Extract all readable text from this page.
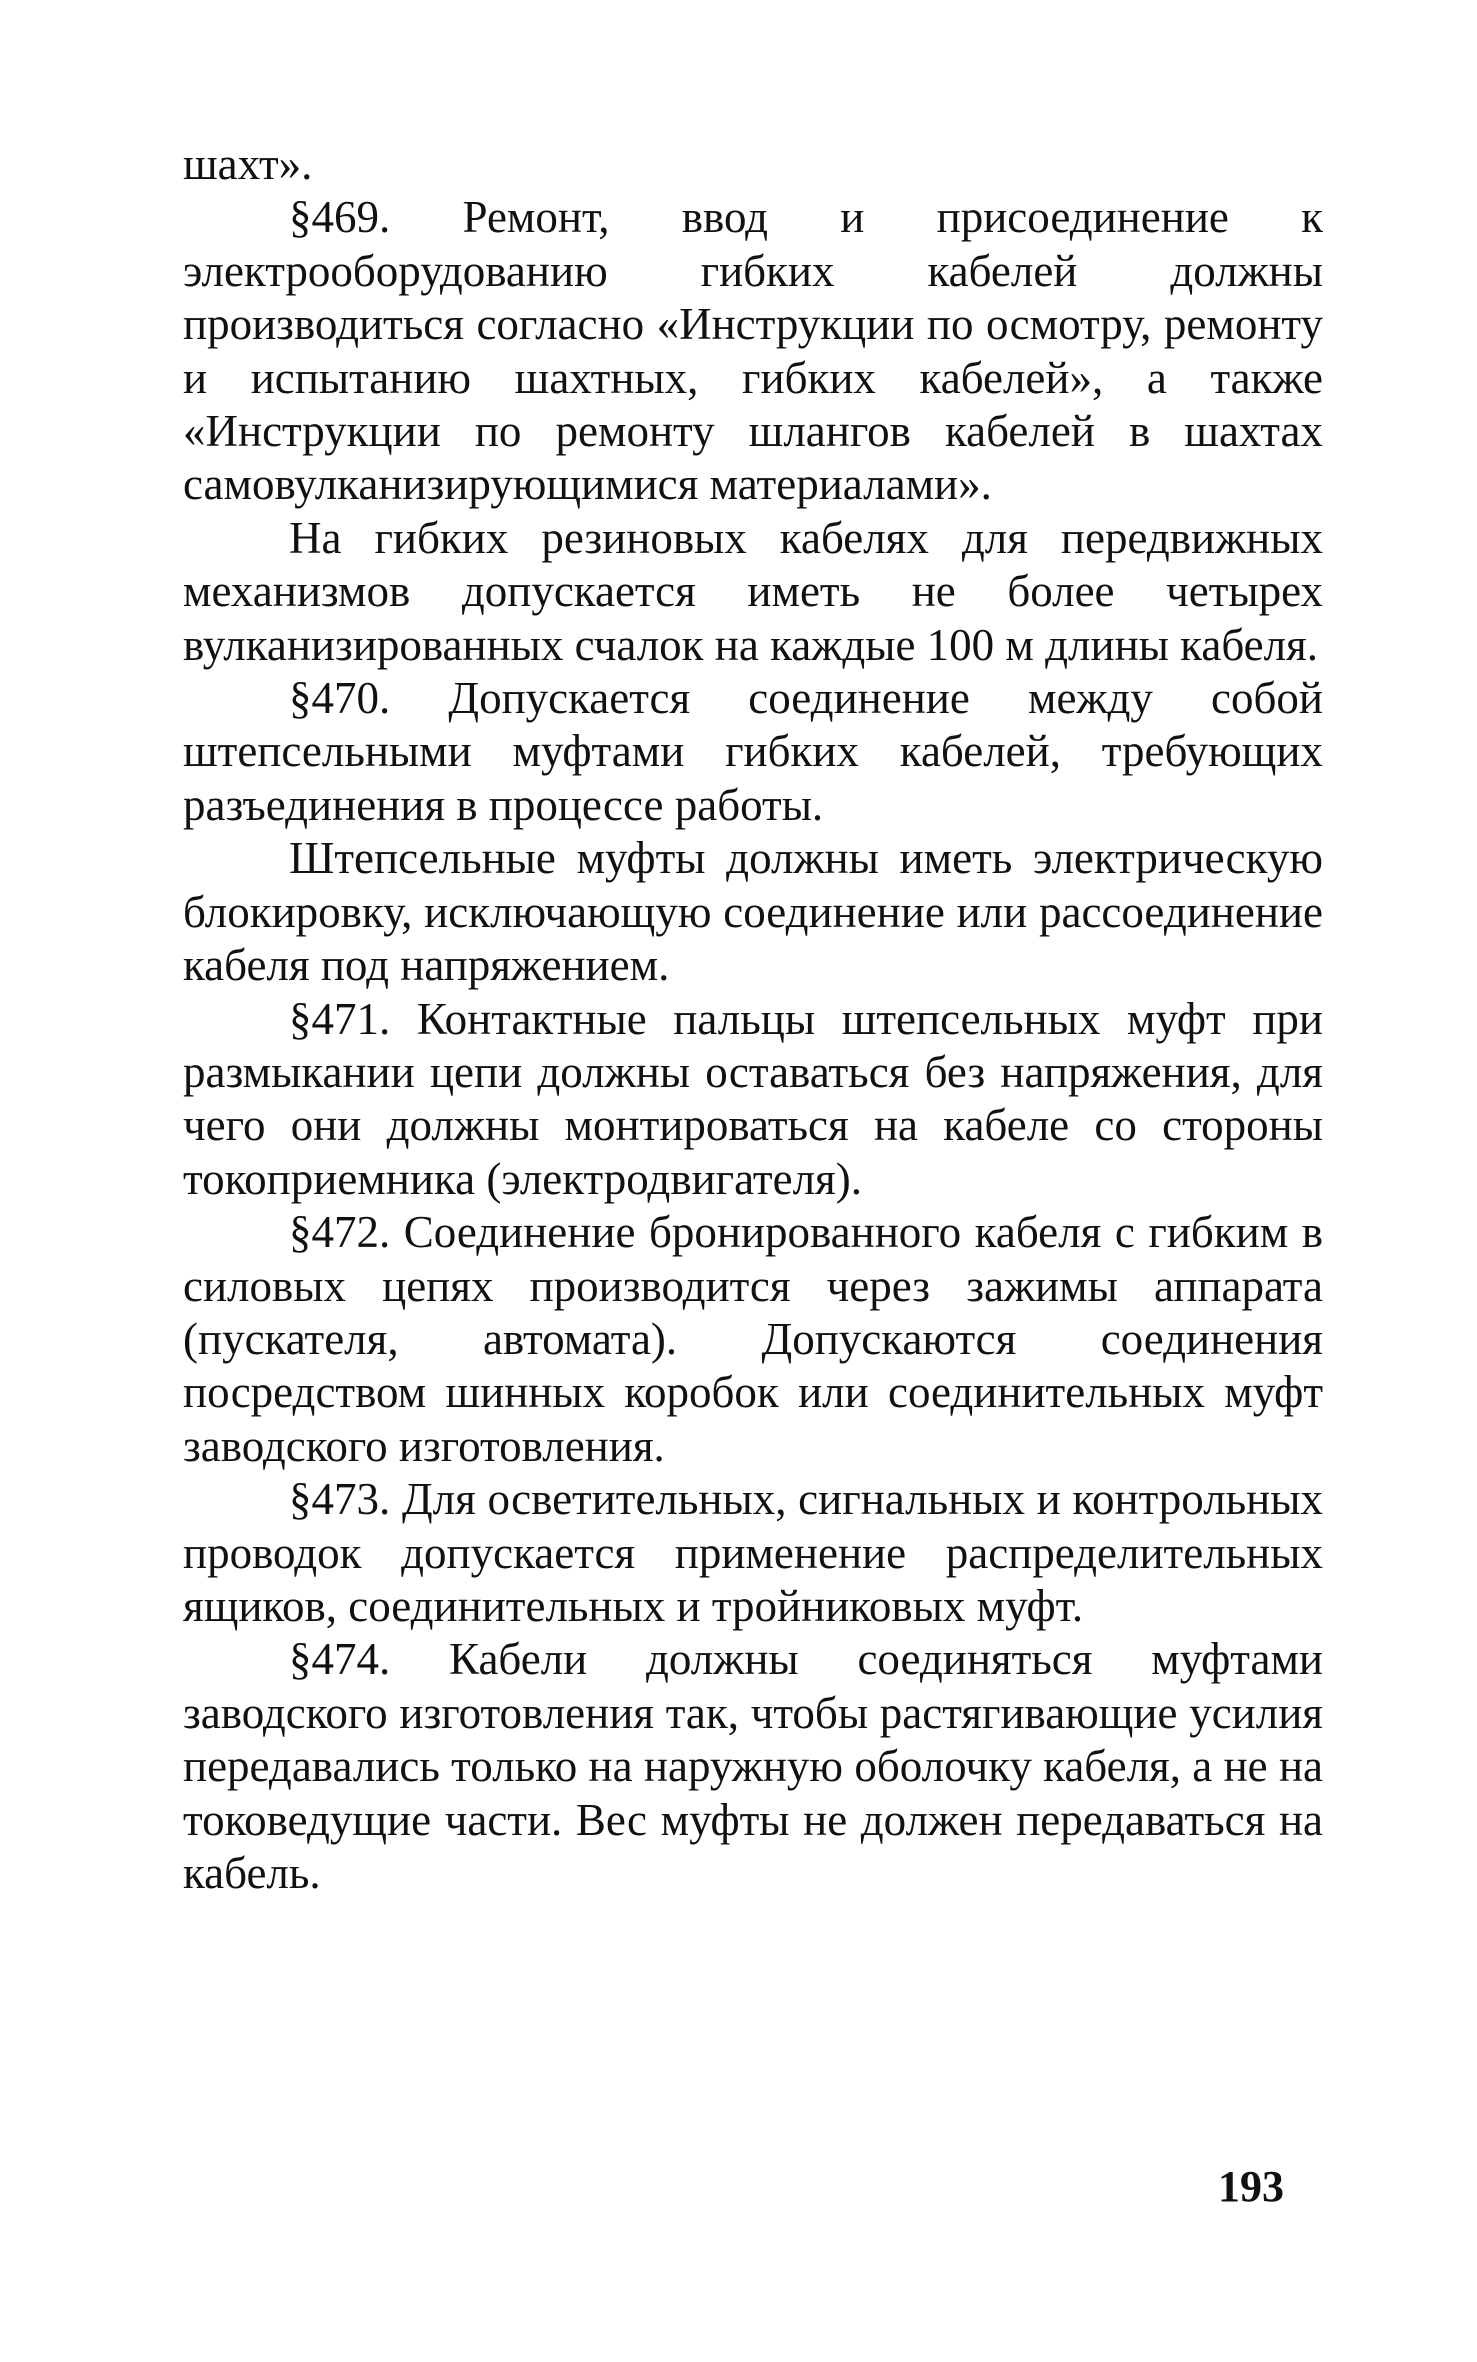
шахт».

§469. Ремонт, ввод и присоединение к электрооборудованию гибких кабелей должны производиться согласно «Инструкции по осмотру, ремонту и испытанию шахтных, гибких кабелей», а также «Инструкции по ремонту шлангов кабелей в шахтах самовулканизирующимися материалами».

На гибких резиновых кабелях для передвижных механизмов допускается иметь не более четырех вулканизированных счалок на каждые 100 м длины кабеля.

§470. Допускается соединение между собой штепсельными муфтами гибких кабелей, требующих разъединения в процессе работы.

Штепсельные муфты должны иметь электрическую блокировку, исключающую соединение или рассоединение кабеля под напряжением.

§471. Контактные пальцы штепсельных муфт при размыкании цепи должны оставаться без напряжения, для чего они должны монтироваться на кабеле со стороны токоприемника (электродвигателя).

§472. Соединение бронированного кабеля с гибким в силовых цепях производится через зажимы аппарата (пускателя, автомата). Допускаются соединения посредством шинных коробок или соединительных муфт заводского изготовления.

§473. Для осветительных, сигнальных и контрольных проводок допускается применение распределительных ящиков, соединительных и тройниковых муфт.

§474. Кабели должны соединяться муфтами заводского изготовления так, чтобы растягивающие усилия передавались только на наружную оболочку кабеля, а не на токоведущие части. Вес муфты не должен передаваться на кабель.

193
